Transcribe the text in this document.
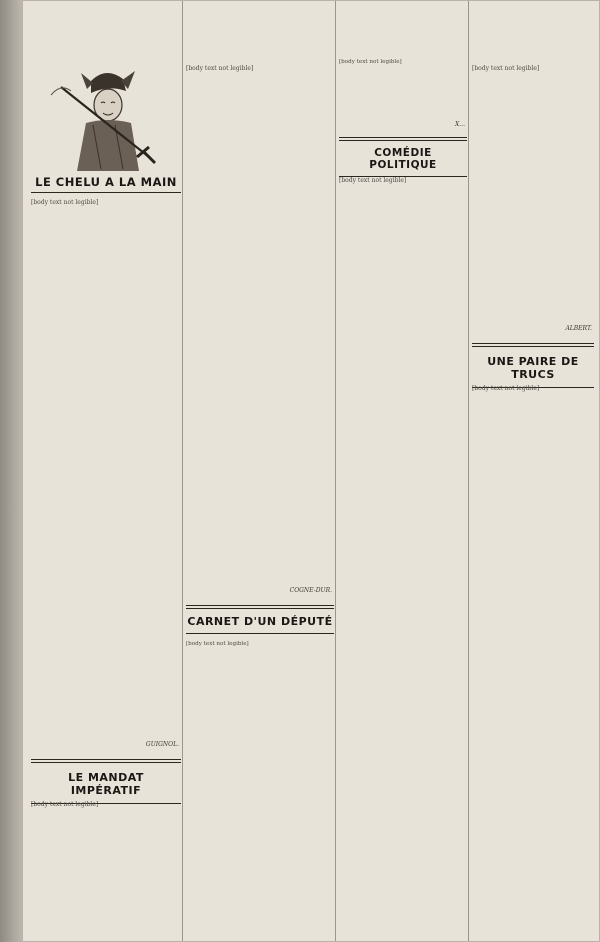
LE CHELU A LA MAIN
[body text not legible]
GUIGNOL.
LE MANDAT IMPÉRATIF
[body text not legible]
[body text not legible]
COGNE-DUR.
CARNET D'UN DÉPUTÉ
[body text not legible]
[body text not legible]
X...
COMÉDIE POLITIQUE
[body text not legible]
[body text not legible]
ALBERT.
UNE PAIRE DE TRUCS
[body text not legible]
